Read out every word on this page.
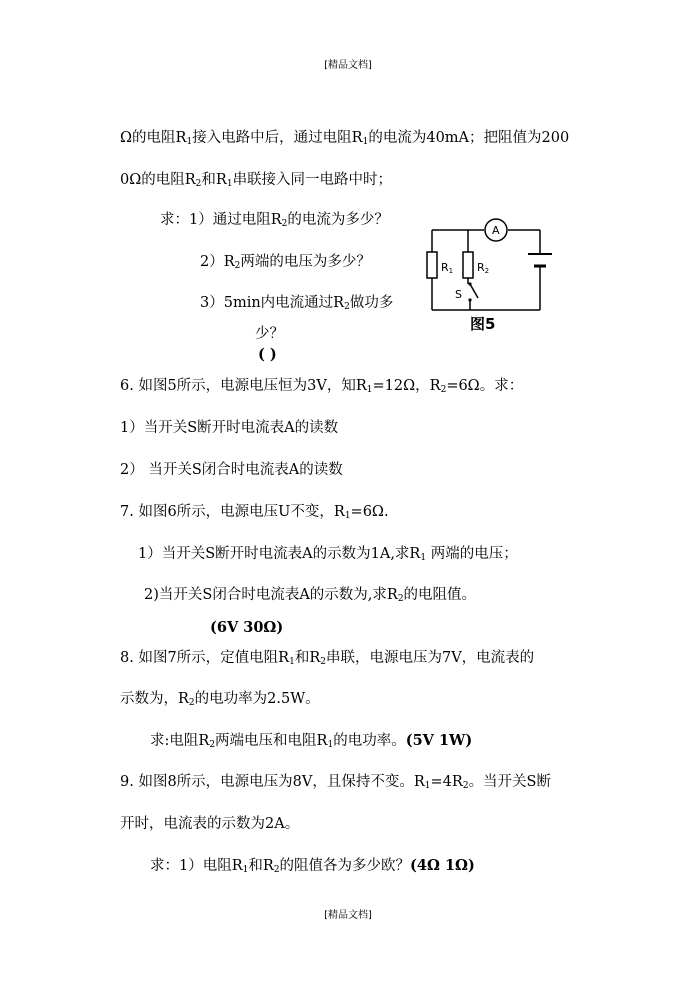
[精品文档]
Ω的电阻$R_1$接入电路中后，通过电阻$R_1$的电流为40mA；把阻值为200
0Ω的电阻$R_2$和$R_1$串联接入同一电路中时；
求：1）通过电阻$R_2$的电流为多少？
$2)R_2$两端的电压为多少？
3）5min内电流通过$R_2$做功多
少？
( )
A
R1 R2
S
图5
6. 如图5所示，电源电压恒为3V，知$R_1=12\Omega$，$R_2=6\Omega$。求：
1）当开关S断开时电流表A的读数
2） 当开关S闭合时电流表A的读数
7. 如图6所示，电源电压U不变，$R_1=6\Omega$.
1）当开关S断开时电流表A的示数为1A,求$R_1$ 两端的电压；
2)当开关S闭合时电流表A的示数为,求$R_2$的电阻值。
(6V 30Ω)
8. 如图7所示，定值电阻$R_1$和$R_2$串联，电源电压为7V，电流表的
示数为，$R_2$的电功率为2.5W。
求:电阻$R_2$两端电压和电阻$R_1$的电功率。(5V 1W)
9. 如图8所示，电源电压为8V，且保持不变。$R_1=4R_2$。当开关S断
开时，电流表的示数为2A。
求：1）电阻$R_1$和$R_2$的阻值各为多少欧？(4Ω 1Ω)
[精品文档]
